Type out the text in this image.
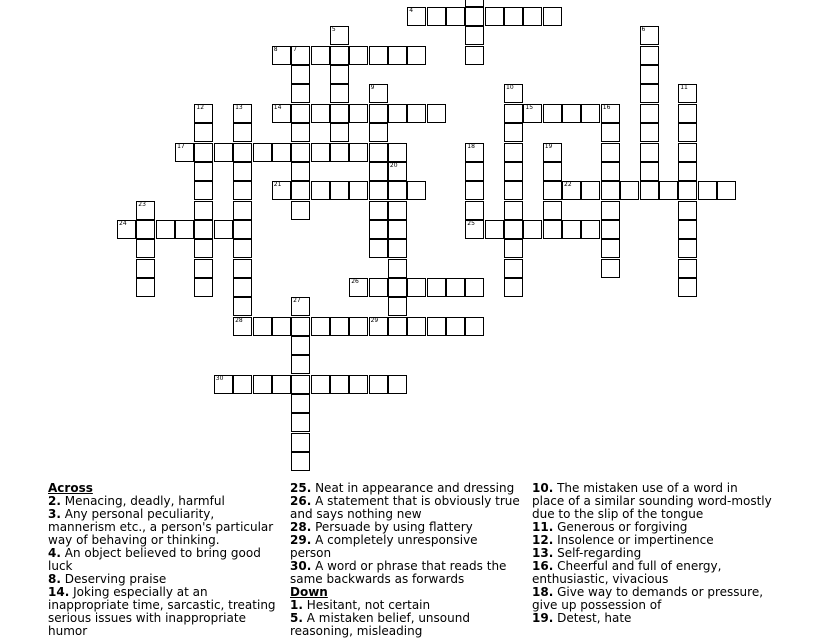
4
8	7
14	15	16
17
21	22
24	25
26
28	29
30
5	6
9	10	11
12	13
18	19
20
23
27
Across
2. Menacing, deadly, harmful
3. Any personal peculiarity, mannerism etc., a person's particular way of behaving or thinking.
4. An object believed to bring good luck
8. Deserving praise
14. Joking especially at an inappropriate time, sarcastic, treating serious issues with inappropriate humor
25. Neat in appearance and dressing
26. A statement that is obviously true and says nothing new
28. Persuade by using flattery
29. A completely unresponsive person
30. A word or phrase that reads the same backwards as forwards
Down
1. Hesitant, not certain
5. A mistaken belief, unsound reasoning, misleading
10. The mistaken use of a word in place of a similar sounding word-mostly due to the slip of the tongue
11. Generous or forgiving
12. Insolence or impertinence
13. Self-regarding
16. Cheerful and full of energy, enthusiastic, vivacious
18. Give way to demands or pressure, give up possession of
19. Detest, hate
